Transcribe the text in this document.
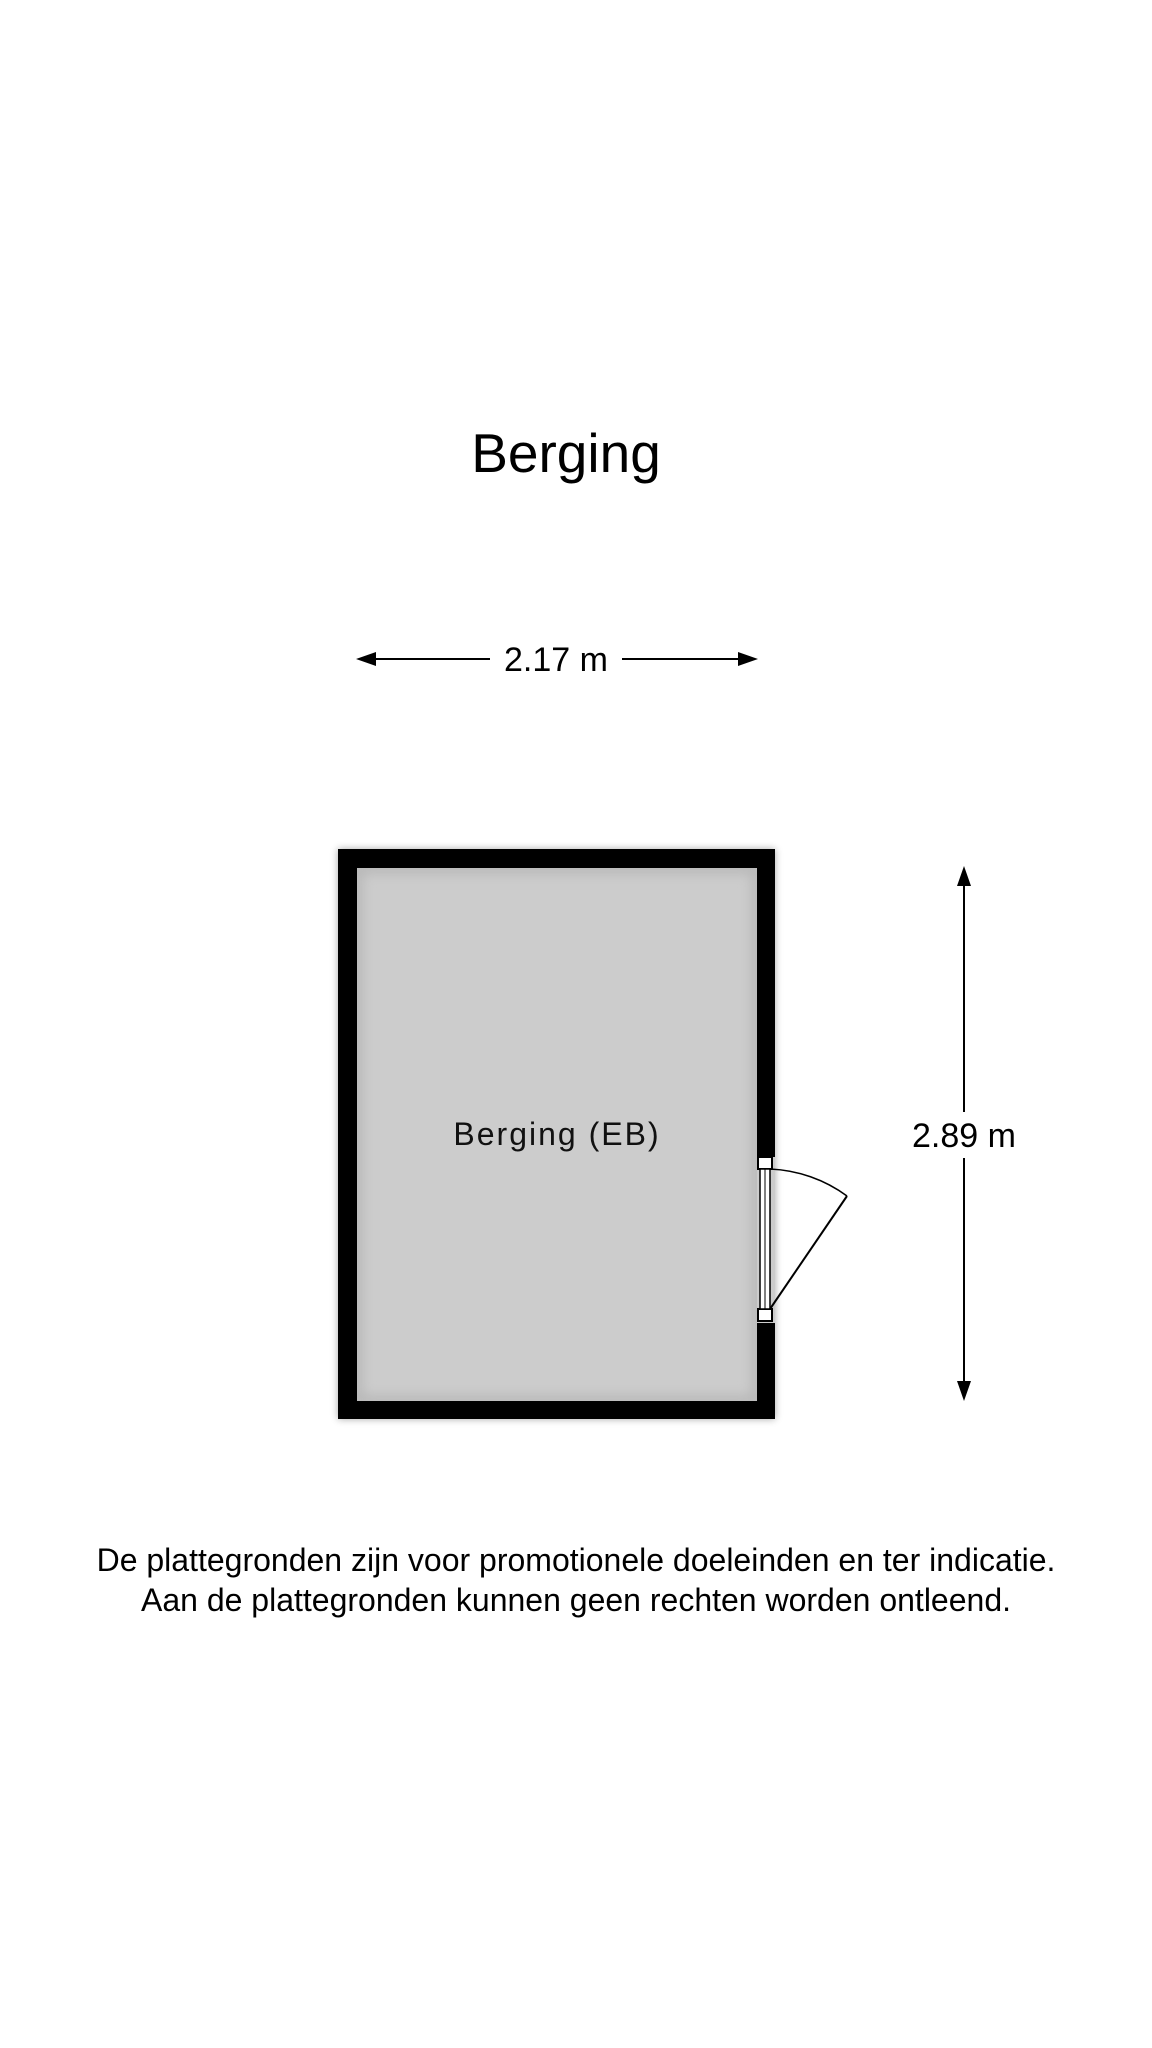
Berging
2.17 m
2.89 m
Berging (EB)
De plattegronden zijn voor promotionele doeleinden en ter indicatie.
Aan de plattegronden kunnen geen rechten worden ontleend.
